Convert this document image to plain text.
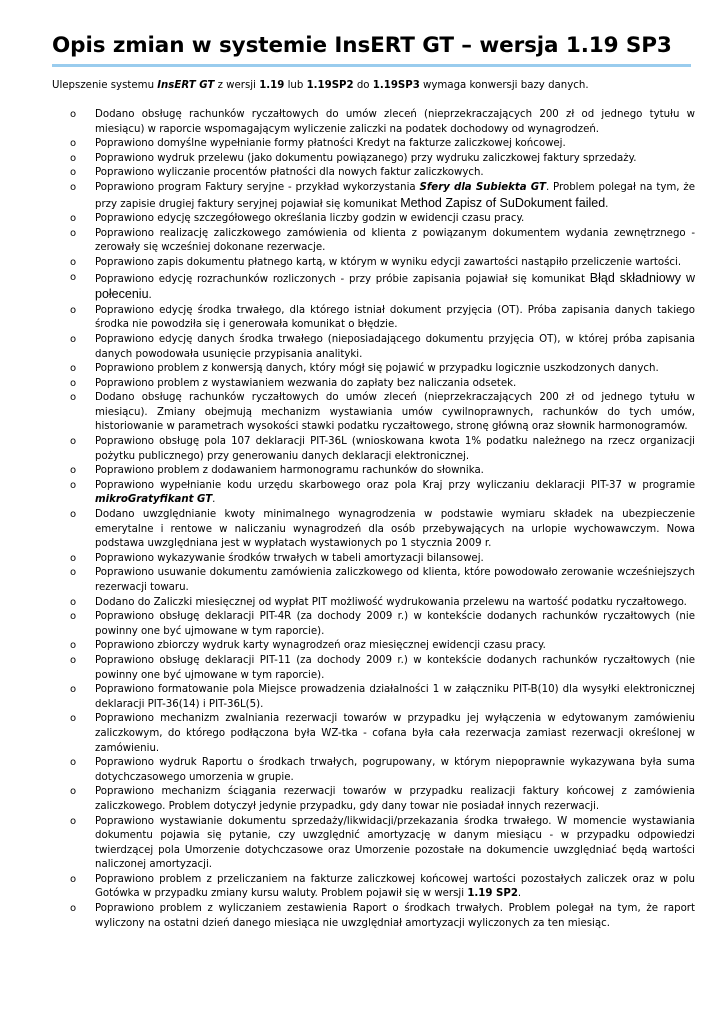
Opis zmian w systemie InsERT GT – wersja 1.19 SP3

Ulepszenie systemu InsERT GT z wersji 1.19 lub 1.19SP2 do 1.19SP3 wymaga konwersji bazy danych.

o Dodano obsługę rachunków ryczałtowych do umów zleceń (nieprzekraczających 200 zł od jednego tytułu w miesiącu) w raporcie wspomagającym wyliczenie zaliczki na podatek dochodowy od wynagrodzeń.
o Poprawiono domyślne wypełnianie formy płatności Kredyt na fakturze zaliczkowej końcowej.
o Poprawiono wydruk przelewu (jako dokumentu powiązanego) przy wydruku zaliczkowej faktury sprzedaży.
o Poprawiono wyliczanie procentów płatności dla nowych faktur zaliczkowych.
o Poprawiono program Faktury seryjne - przykład wykorzystania Sfery dla Subiekta GT. Problem polegał na tym, że przy zapisie drugiej faktury seryjnej pojawiał się komunikat Method Zapisz of SuDokument failed.
o Poprawiono edycję szczegółowego określania liczby godzin w ewidencji czasu pracy.
o Poprawiono realizację zaliczkowego zamówienia od klienta z powiązanym dokumentem wydania zewnętrznego - zerowały się wcześniej dokonane rezerwacje.
o Poprawiono zapis dokumentu płatnego kartą, w którym w wyniku edycji zawartości nastąpiło przeliczenie wartości.
o Poprawiono edycję rozrachunków rozliczonych - przy próbie zapisania pojawiał się komunikat Błąd składniowy w połeceniu.
o Poprawiono edycję środka trwałego, dla którego istniał dokument przyjęcia (OT). Próba zapisania danych takiego środka nie powodziła się i generowała komunikat o błędzie.
o Poprawiono edycję danych środka trwałego (nieposiadającego dokumentu przyjęcia OT), w której próba zapisania danych powodowała usunięcie przypisania analityki.
o Poprawiono problem z konwersją danych, który mógł się pojawić w przypadku logicznie uszkodzonych danych.
o Poprawiono problem z wystawianiem wezwania do zapłaty bez naliczania odsetek.
o Dodano obsługę rachunków ryczałtowych do umów zleceń (nieprzekraczających 200 zł od jednego tytułu w miesiącu). Zmiany obejmują mechanizm wystawiania umów cywilnoprawnych, rachunków do tych umów, historiowanie w parametrach wysokości stawki podatku ryczałtowego, stronę główną oraz słownik harmonogramów.
o Poprawiono obsługę pola 107 deklaracji PIT-36L (wnioskowana kwota 1% podatku należnego na rzecz organizacji pożytku publicznego) przy generowaniu danych deklaracji elektronicznej.
o Poprawiono problem z dodawaniem harmonogramu rachunków do słownika.
o Poprawiono wypełnianie kodu urzędu skarbowego oraz pola Kraj przy wyliczaniu deklaracji PIT-37 w programie mikroGratyfikant GT.
o Dodano uwzględnianie kwoty minimalnego wynagrodzenia w podstawie wymiaru składek na ubezpieczenie emerytalne i rentowe w naliczaniu wynagrodzeń dla osób przebywających na urlopie wychowawczym. Nowa podstawa uwzględniana jest w wypłatach wystawionych po 1 stycznia 2009 r.
o Poprawiono wykazywanie środków trwałych w tabeli amortyzacji bilansowej.
o Poprawiono usuwanie dokumentu zamówienia zaliczkowego od klienta, które powodowało zerowanie wcześniejszych rezerwacji towaru.
o Dodano do Zaliczki miesięcznej od wypłat PIT możliwość wydrukowania przelewu na wartość podatku ryczałtowego.
o Poprawiono obsługę deklaracji PIT-4R (za dochody 2009 r.) w kontekście dodanych rachunków ryczałtowych (nie powinny one być ujmowane w tym raporcie).
o Poprawiono zbiorczy wydruk karty wynagrodzeń oraz miesięcznej ewidencji czasu pracy.
o Poprawiono obsługę deklaracji PIT-11 (za dochody 2009 r.) w kontekście dodanych rachunków ryczałtowych (nie powinny one być ujmowane w tym raporcie).
o Poprawiono formatowanie pola Miejsce prowadzenia działalności 1 w załączniku PIT-B(10) dla wysyłki elektronicznej deklaracji PIT-36(14) i PIT-36L(5).
o Poprawiono mechanizm zwalniania rezerwacji towarów w przypadku jej wyłączenia w edytowanym zamówieniu zaliczkowym, do którego podłączona była WZ-tka - cofana była cała rezerwacja zamiast rezerwacji określonej w zamówieniu.
o Poprawiono wydruk Raportu o środkach trwałych, pogrupowany, w którym niepoprawnie wykazywana była suma dotychczasowego umorzenia w grupie.
o Poprawiono mechanizm ściągania rezerwacji towarów w przypadku realizacji faktury końcowej z zamówienia zaliczkowego. Problem dotyczył jedynie przypadku, gdy dany towar nie posiadał innych rezerwacji.
o Poprawiono wystawianie dokumentu sprzedaży/likwidacji/przekazania środka trwałego. W momencie wystawiania dokumentu pojawia się pytanie, czy uwzględnić amortyzację w danym miesiącu - w przypadku odpowiedzi twierdzącej pola Umorzenie dotychczasowe oraz Umorzenie pozostałe na dokumencie uwzględniać będą wartości naliczonej amortyzacji.
o Poprawiono problem z przeliczaniem na fakturze zaliczkowej końcowej wartości pozostałych zaliczek oraz w polu Gotówka w przypadku zmiany kursu waluty. Problem pojawił się w wersji 1.19 SP2.
o Poprawiono problem z wyliczaniem zestawienia Raport o środkach trwałych. Problem polegał na tym, że raport wyliczony na ostatni dzień danego miesiąca nie uwzględniał amortyzacji wyliczonych za ten miesiąc.
